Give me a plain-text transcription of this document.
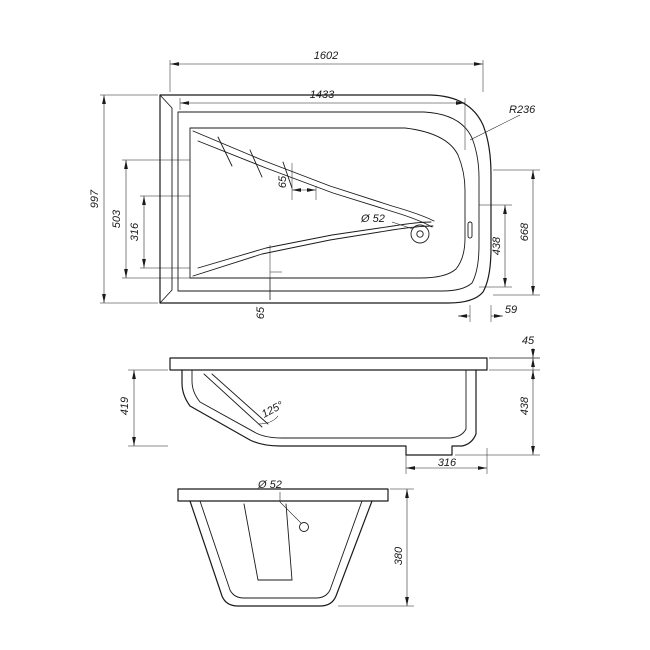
Ø 52
R236
1602
1433
997
503
316
65
65
668
438
59
125°
45
438
419
316
Ø 52
380
